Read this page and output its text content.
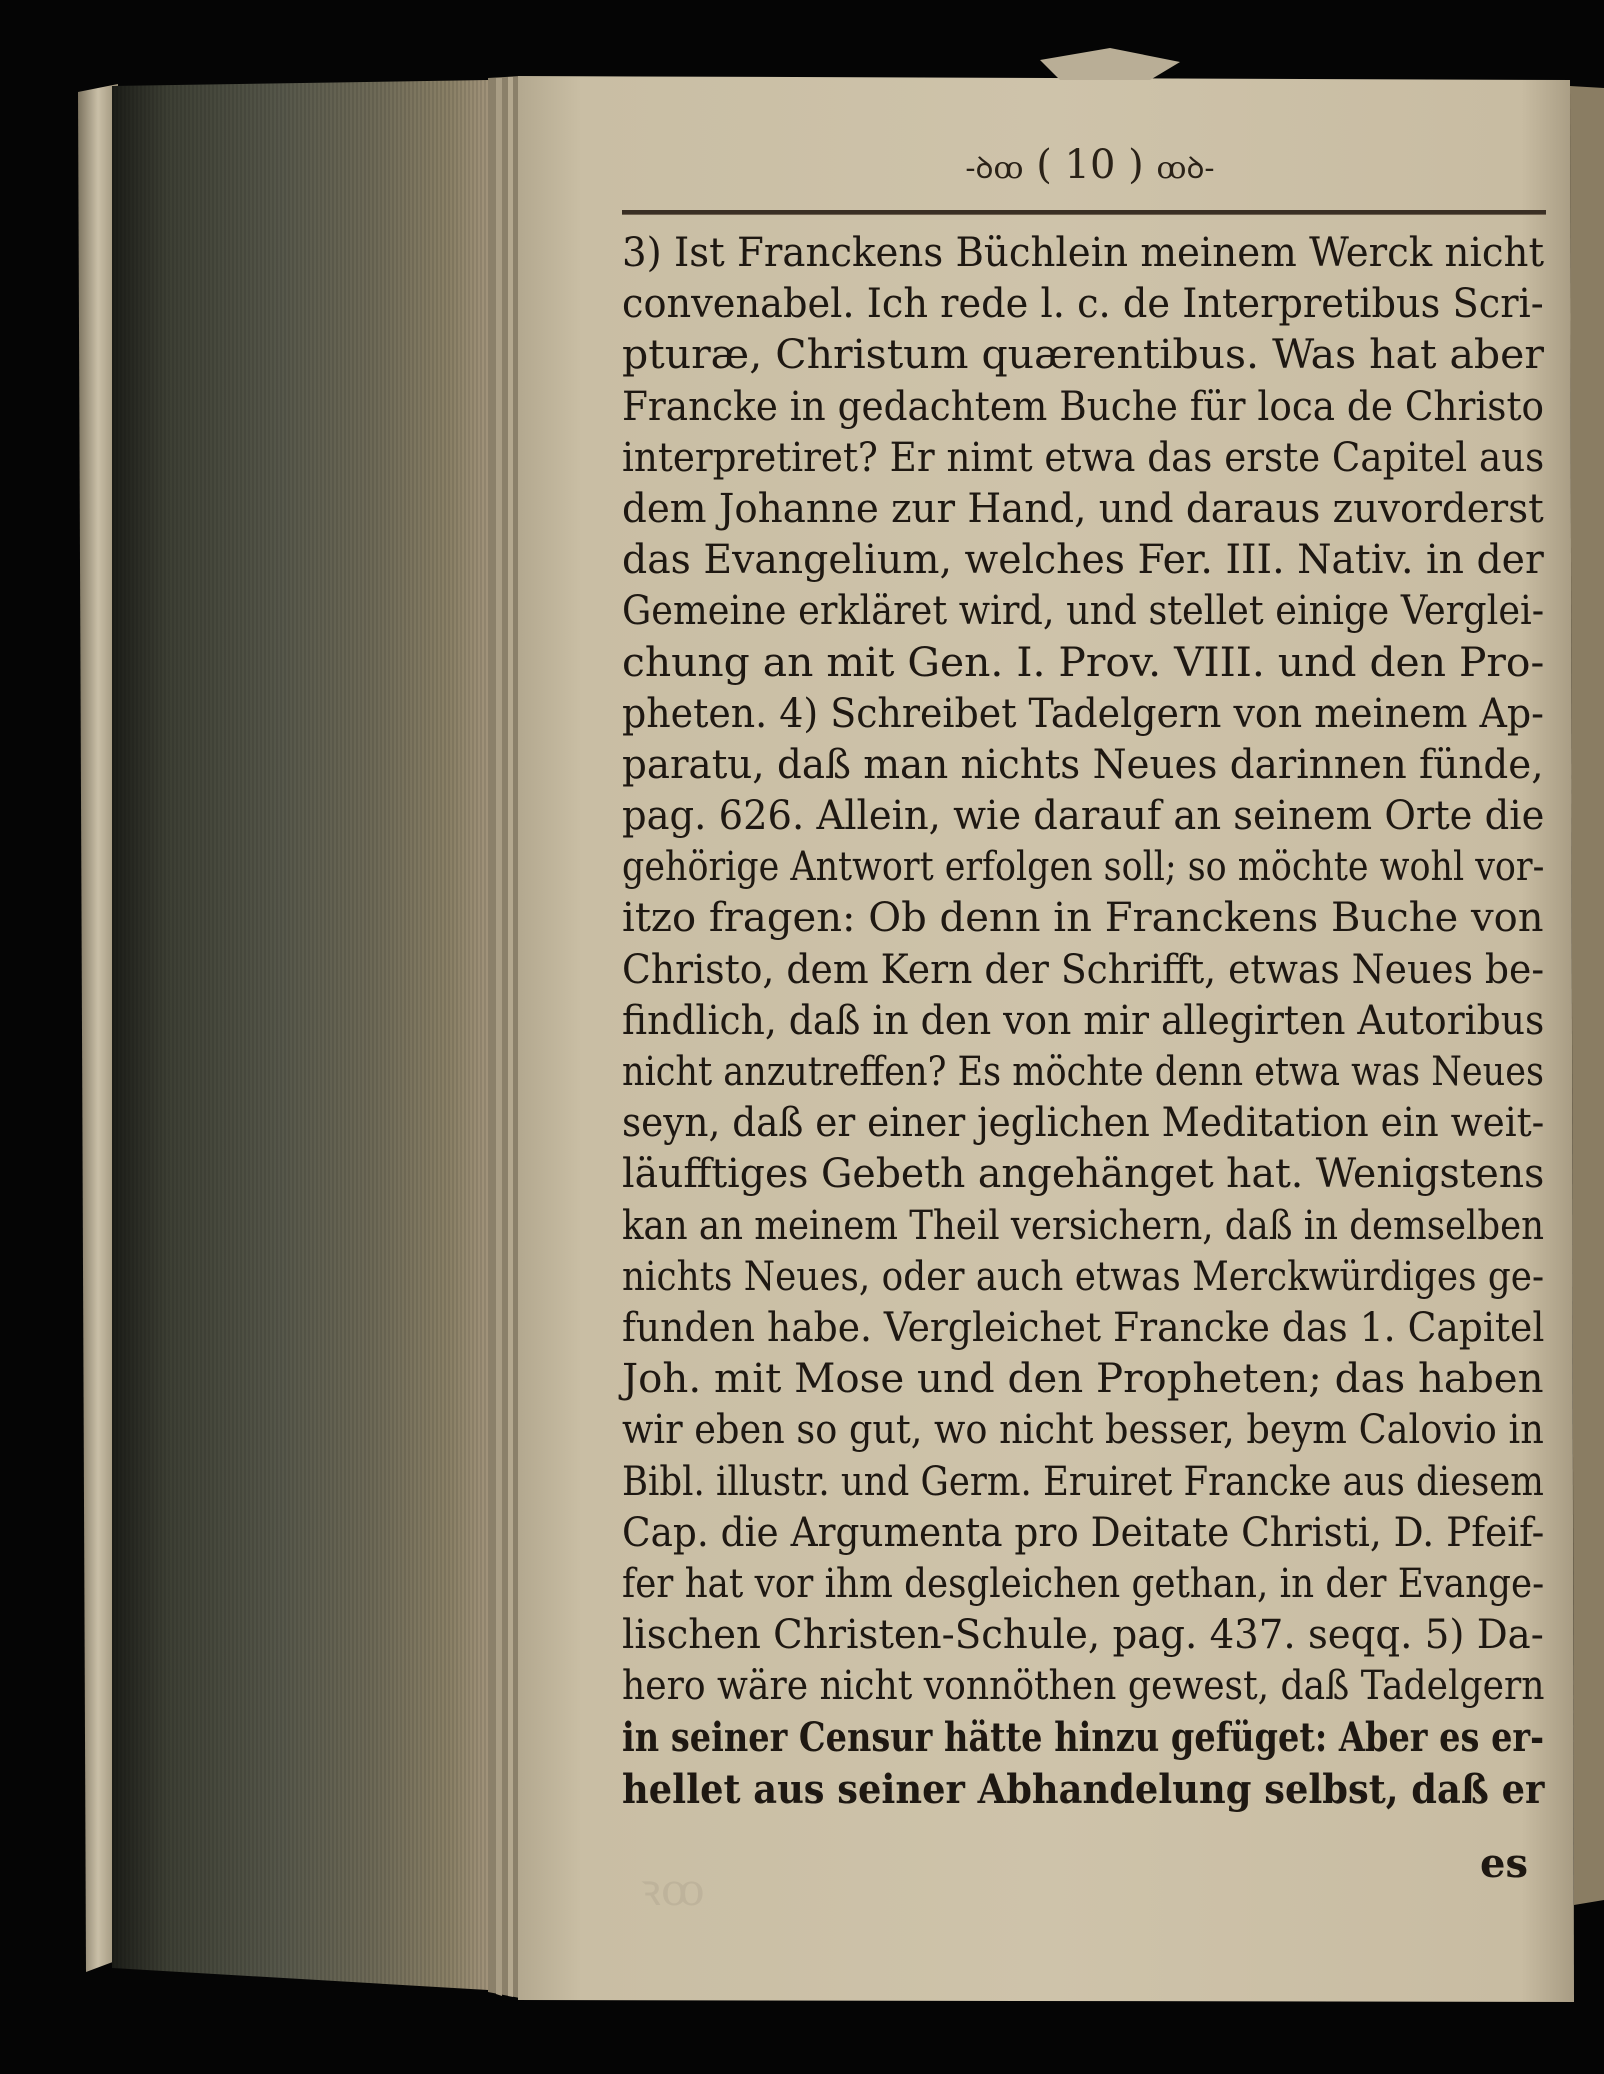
ꝛꝏ
-ꝺꝏ ( 10 ) ꝏꝺ-
3) Ist Franckens Büchlein meinem Werck nicht
convenabel. Ich rede l. c. de Interpretibus Scri-
pturæ, Christum quærentibus. Was hat aber
Francke in gedachtem Buche für loca de Christo
interpretiret? Er nimt etwa das erste Capitel aus
dem Johanne zur Hand, und daraus zuvorderst
das Evangelium, welches Fer. III. Nativ. in der
Gemeine erkläret wird, und stellet einige Verglei-
chung an mit Gen. I. Prov. VIII. und den Pro-
pheten. 4) Schreibet Tadelgern von meinem Ap-
paratu, daß man nichts Neues darinnen fünde,
pag. 626. Allein, wie darauf an seinem Orte die
gehörige Antwort erfolgen soll; so möchte wohl vor-
itzo fragen: Ob denn in Franckens Buche von
Christo, dem Kern der Schrifft, etwas Neues be-
findlich, daß in den von mir allegirten Autoribus
nicht anzutreffen? Es möchte denn etwa was Neues
seyn, daß er einer jeglichen Meditation ein weit-
läufftiges Gebeth angehänget hat. Wenigstens
kan an meinem Theil versichern, daß in demselben
nichts Neues, oder auch etwas Merckwürdiges ge-
funden habe. Vergleichet Francke das 1. Capitel
Joh. mit Mose und den Propheten; das haben
wir eben so gut, wo nicht besser, beym Calovio in
Bibl. illustr. und Germ. Eruiret Francke aus diesem
Cap. die Argumenta pro Deitate Christi, D. Pfeif-
fer hat vor ihm desgleichen gethan, in der Evange-
lischen Christen-Schule, pag. 437. seqq. 5) Da-
hero wäre nicht vonnöthen gewest, daß Tadelgern
in seiner Censur hätte hinzu gefüget: Aber es er-
hellet aus seiner Abhandelung selbst, daß er
es
